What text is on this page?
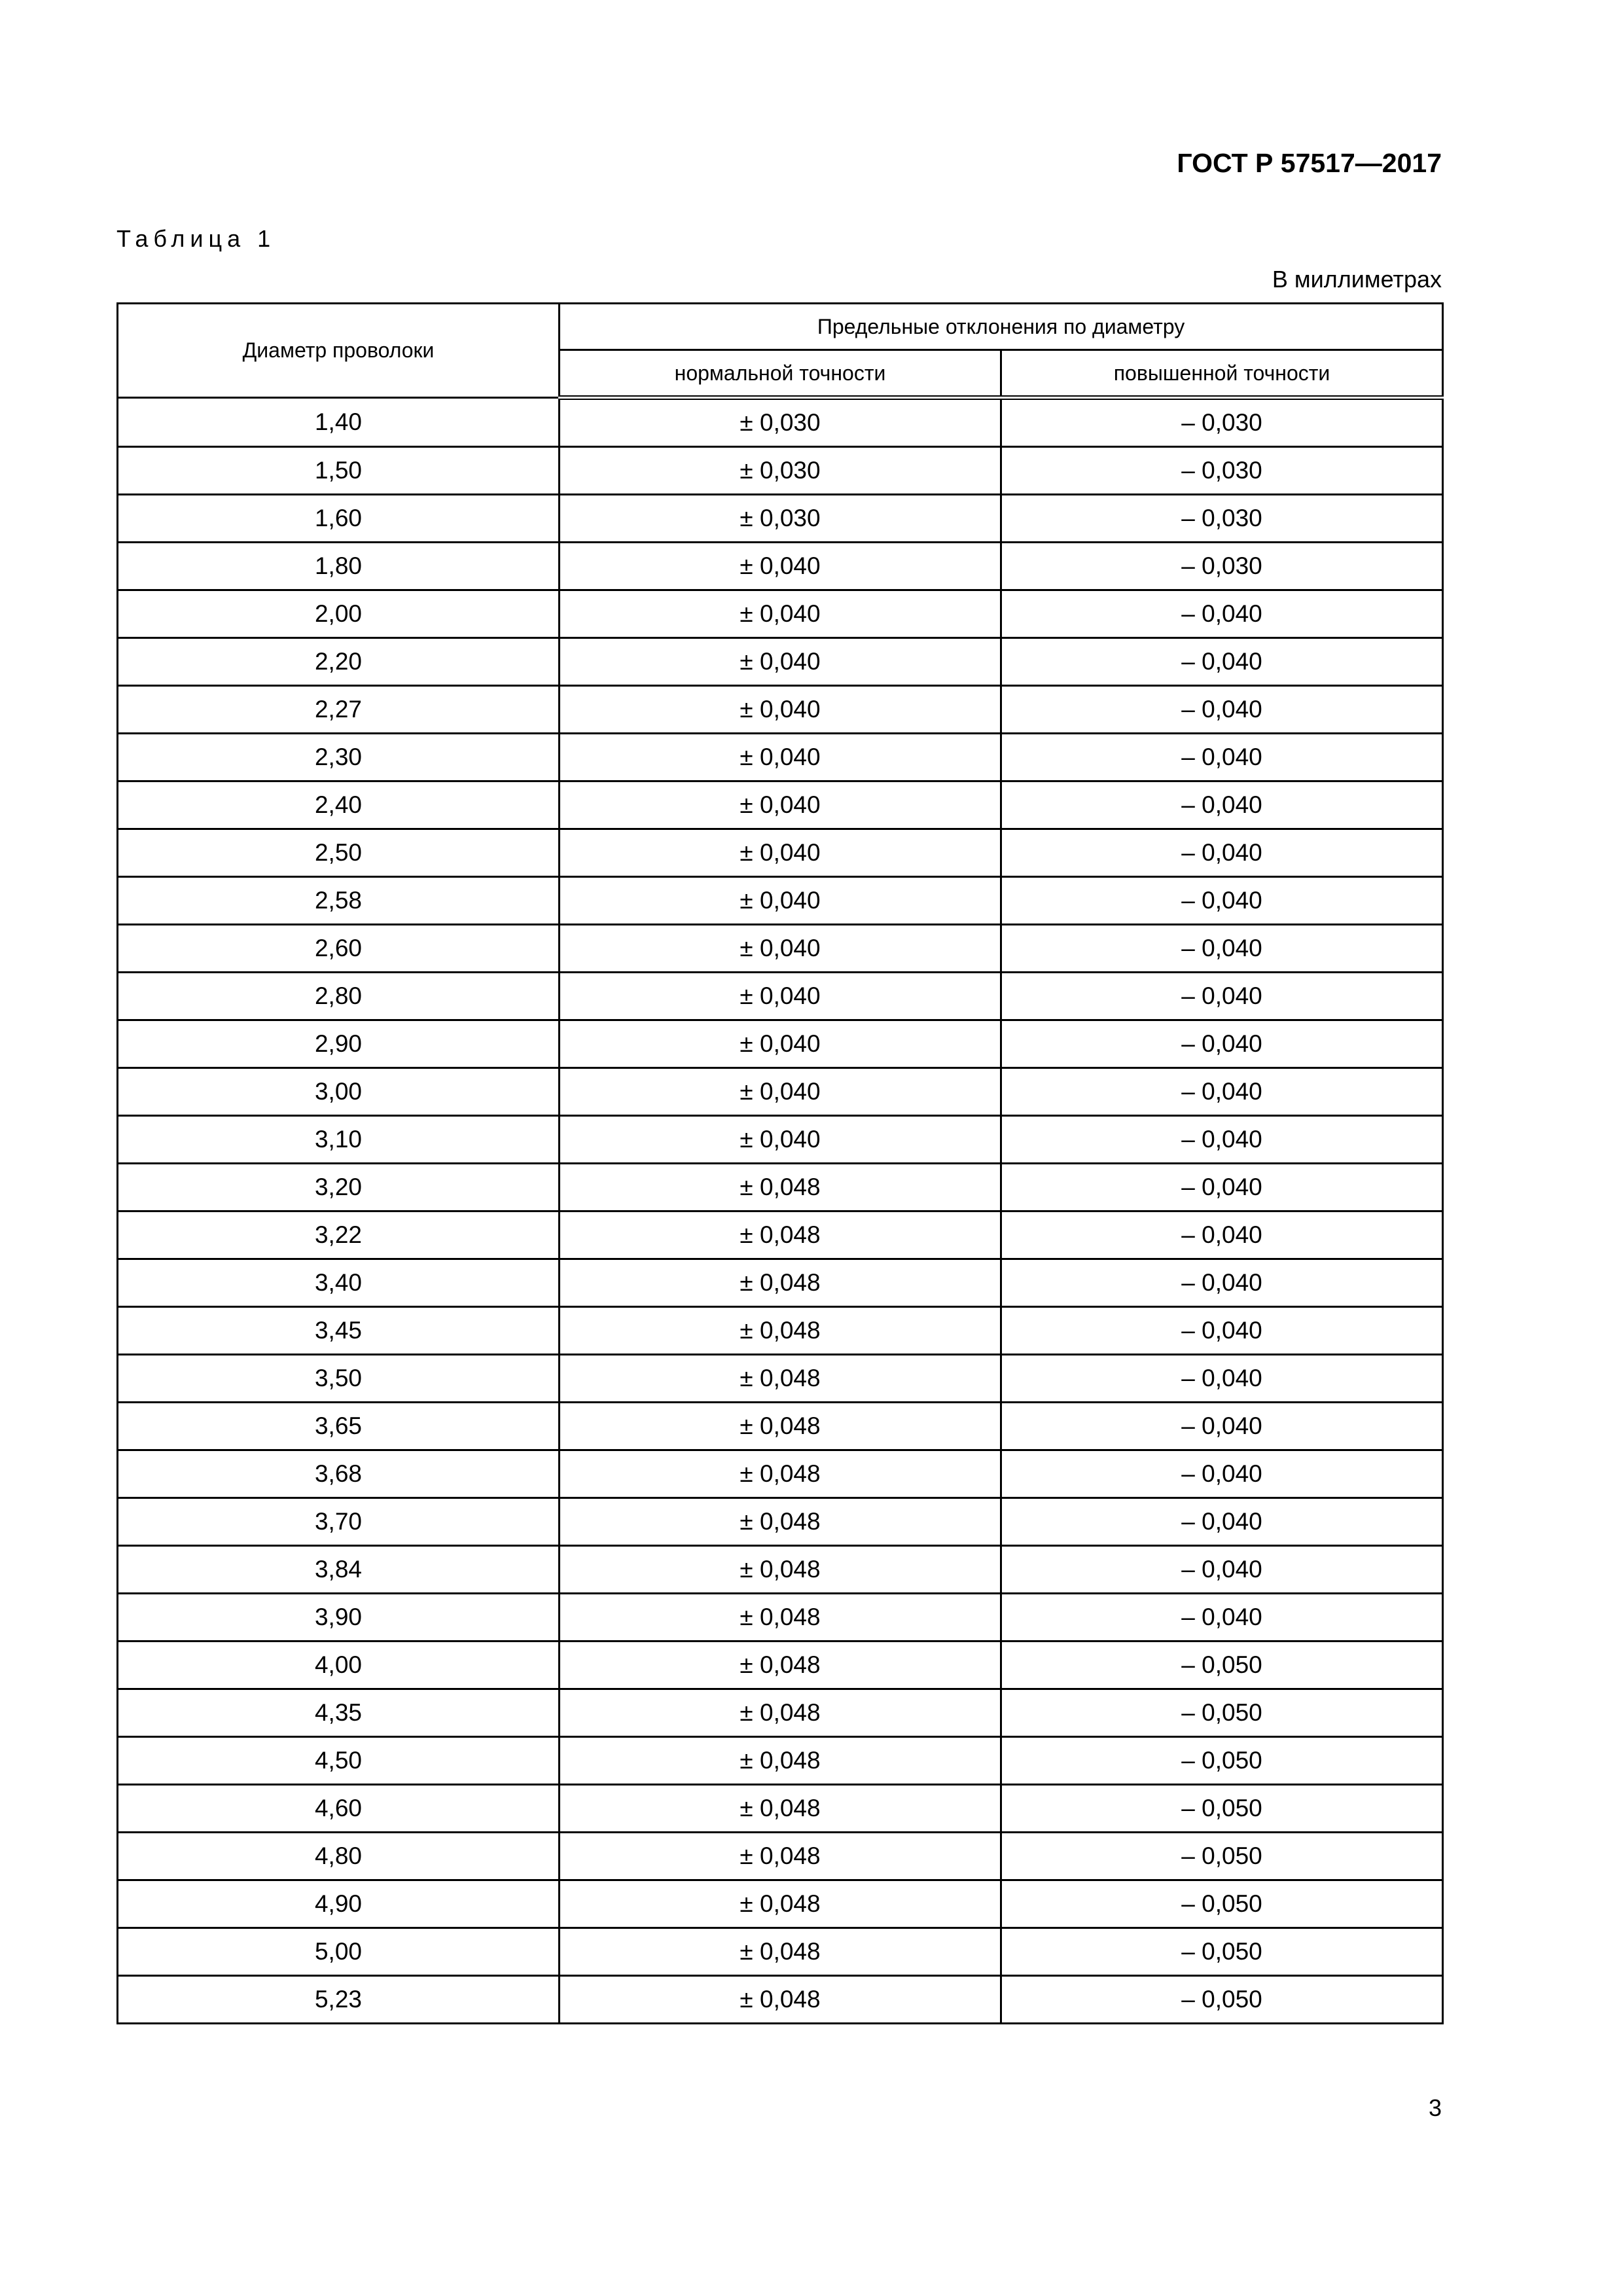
ГОСТ Р 57517—2017
Таблица 1
В миллиметрах
Диаметр проволоки	Предельные отклонения по диаметру	
	нормальной точности	повышенной точности
1,40	± 0,030	– 0,030
1,50	± 0,030	– 0,030
1,60	± 0,030	– 0,030
1,80	± 0,040	– 0,030
2,00	± 0,040	– 0,040
2,20	± 0,040	– 0,040
2,27	± 0,040	– 0,040
2,30	± 0,040	– 0,040
2,40	± 0,040	– 0,040
2,50	± 0,040	– 0,040
2,58	± 0,040	– 0,040
2,60	± 0,040	– 0,040
2,80	± 0,040	– 0,040
2,90	± 0,040	– 0,040
3,00	± 0,040	– 0,040
3,10	± 0,040	– 0,040
3,20	± 0,048	– 0,040
3,22	± 0,048	– 0,040
3,40	± 0,048	– 0,040
3,45	± 0,048	– 0,040
3,50	± 0,048	– 0,040
3,65	± 0,048	– 0,040
3,68	± 0,048	– 0,040
3,70	± 0,048	– 0,040
3,84	± 0,048	– 0,040
3,90	± 0,048	– 0,040
4,00	± 0,048	– 0,050
4,35	± 0,048	– 0,050
4,50	± 0,048	– 0,050
4,60	± 0,048	– 0,050
4,80	± 0,048	– 0,050
4,90	± 0,048	– 0,050
5,00	± 0,048	– 0,050
5,23	± 0,048	– 0,050
3
